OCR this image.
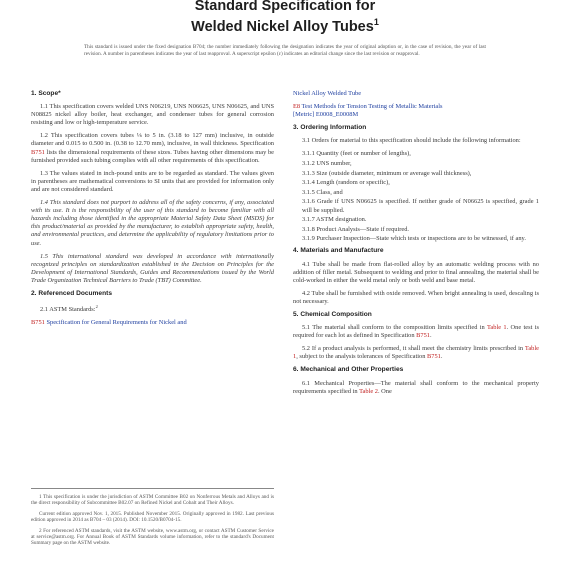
Standard Specification for
Welded Nickel Alloy Tubes$^1$
This standard is issued under the fixed designation B704; the number immediately following the designation indicates the year of original adoption or, in the case of revision, the year of last revision. A number in parentheses indicates the year of last reapproval. A superscript epsilon (ε) indicates an editorial change since the last revision or reapproval.
1. Scope*

1.1 This specification covers welded UNS N06219, UNS N06625, UNS N06625, and UNS N08825 nickel alloy boiler, heat exchanger, and condenser tubes for general corrosion resisting and low or high-temperature service.

1.2 This specification covers tubes ⅛ to 5 in. (3.18 to 127 mm) inclusive, in outside diameter and 0.015 to 0.500 in. (0.38 to 12.70 mm), inclusive, in wall thickness. Specification B751 lists the dimensional requirements of these sizes. Tubes having other dimensions may be furnished provided such tubing complies with all other requirements of this specification.

1.3 The values stated in inch-pound units are to be regarded as standard. The values given in parentheses are mathematical conversions to SI units that are provided for information only and are not considered standard.

1.4 This standard does not purport to address all of the safety concerns, if any, associated with its use. It is the responsibility of the user of this standard to become familiar with all hazards including those identified in the appropriate Material Safety Data Sheet (MSDS) for this product/material as provided by the manufacturer, to establish appropriate safety, health, and environmental practices, and determine the applicability of regulatory limitations prior to use.

1.5 This international standard was developed in accordance with internationally recognized principles on standardization established in the Decision on Principles for the Development of International Standards, Guides and Recommendations issued by the World Trade Organization Technical Barriers to Trade (TBT) Committee.

2. Referenced Documents

2.1 ASTM Standards:$^2$

B751 Specification for General Requirements for Nickel and

1 This specification is under the jurisdiction of ASTM Committee B02 on Nonferrous Metals and Alloys and is the direct responsibility of Subcommittee B02.07 on Refined Nickel and Cobalt and Their Alloys.

Current edition approved Nov. 1, 2015. Published November 2015. Originally approved in 1982. Last previous edition approved in 2014 as B704 – 03 (2014). DOI: 10.1520/B0704-15.

2 For referenced ASTM standards, visit the ASTM website, www.astm.org, or contact ASTM Customer Service at service@astm.org. For Annual Book of ASTM Standards volume information, refer to the standard's Document Summary page on the ASTM website.

Nickel Alloy Welded Tube

E8 Test Methods for Tension Testing of Metallic Materials
[Metric] E0008_E0008M

3. Ordering Information

3.1 Orders for material to this specification should include the following information:

3.1.1 Quantity (feet or number of lengths),
3.1.2 UNS number,
3.1.3 Size (outside diameter, minimum or average wall thickness),
3.1.4 Length (random or specific),
3.1.5 Class, and
3.1.6 Grade if UNS N06625 is specified. If neither grade of N06625 is specified, grade 1 will be supplied.
3.1.7 ASTM designation.
3.1.8 Product Analysis—State if required.
3.1.9 Purchaser Inspection—State which tests or inspections are to be witnessed, if any.
4. Materials and Manufacture

4.1 Tube shall be made from flat-rolled alloy by an automatic welding process with no addition of filler metal. Subsequent to welding and prior to final annealing, the material shall be cold-worked in either the weld metal only or both weld and base metal.

4.2 Tube shall be furnished with oxide removed. When bright annealing is used, descaling is not necessary.

5. Chemical Composition

5.1 The material shall conform to the composition limits specified in Table 1. One test is required for each lot as defined in Specification B751.

5.2 If a product analysis is performed, it shall meet the chemistry limits prescribed in Table 1, subject to the analysis tolerances of Specification B751.

6. Mechanical and Other Properties

6.1 Mechanical Properties—The material shall conform to the mechanical property requirements specified in Table 2. One
